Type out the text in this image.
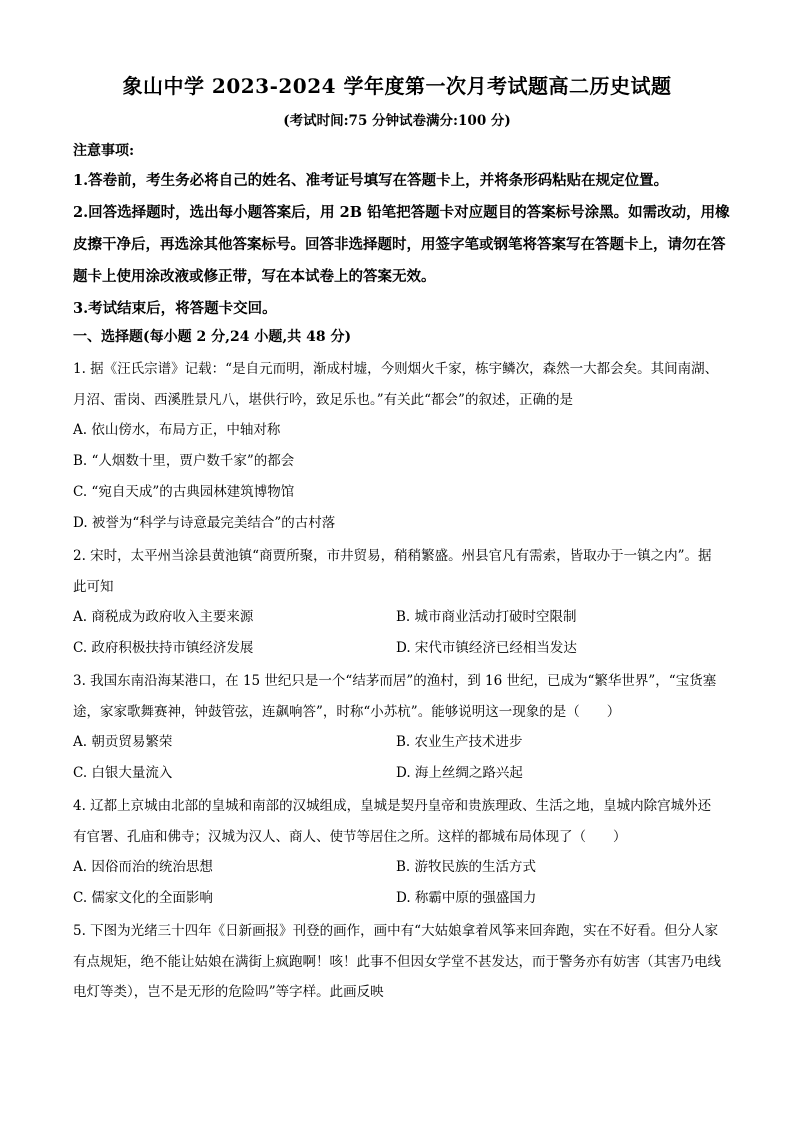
象山中学 2023-2024 学年度第一次月考试题高二历史试题
(考试时间:75 分钟试卷满分:100 分)
注意事项:
1.答卷前，考生务必将自己的姓名、准考证号填写在答题卡上，并将条形码粘贴在规定位置。
2.回答选择题时，选出每小题答案后，用 2B 铅笔把答题卡对应题目的答案标号涂黑。如需改动，用橡皮擦干净后，再选涂其他答案标号。回答非选择题时，用签字笔或钢笔将答案写在答题卡上，请勿在答题卡上使用涂改液或修正带，写在本试卷上的答案无效。
3.考试结束后，将答题卡交回。
一、选择题(每小题 2 分,24 小题,共 48 分)
1. 据《汪氏宗谱》记载：“是自元而明，渐成村墟，今则烟火千家，栋宇鳞次，森然一大都会矣。其间南湖、月沼、雷岗、西溪胜景凡八，堪供行吟，致足乐也。”有关此“都会”的叙述，正确的是
A. 依山傍水，布局方正，中轴对称
B. “人烟数十里，贾户数千家”的都会
C. “宛自天成”的古典园林建筑博物馆
D. 被誉为“科学与诗意最完美结合”的古村落
2. 宋时，太平州当涂县黄池镇“商贾所聚，市井贸易，稍稍繁盛。州县官凡有需索，皆取办于一镇之内”。据此可知
A. 商税成为政府收入主要来源	B. 城市商业活动打破时空限制
C. 政府积极扶持市镇经济发展	D. 宋代市镇经济已经相当发达
3. 我国东南沿海某港口，在 15 世纪只是一个“结茅而居”的渔村，到 16 世纪，已成为“繁华世界”，“宝货塞途，家家歌舞赛神，钟鼓管弦，连飙响答”，时称“小苏杭”。能够说明这一现象的是（　　）
A. 朝贡贸易繁荣	B. 农业生产技术进步
C. 白银大量流入	D. 海上丝绸之路兴起
4. 辽都上京城由北部的皇城和南部的汉城组成，皇城是契丹皇帝和贵族理政、生活之地，皇城内除宫城外还有官署、孔庙和佛寺；汉城为汉人、商人、使节等居住之所。这样的都城布局体现了（　　）
A. 因俗而治的统治思想	B. 游牧民族的生活方式
C. 儒家文化的全面影响	D. 称霸中原的强盛国力
5. 下图为光绪三十四年《日新画报》刊登的画作，画中有“大姑娘拿着风筝来回奔跑，实在不好看。但分人家有点规矩，绝不能让姑娘在满街上疯跑啊！咳！此事不但因女学堂不甚发达，而于警务亦有妨害（其害乃电线电灯等类），岂不是无形的危险吗”等字样。此画反映
